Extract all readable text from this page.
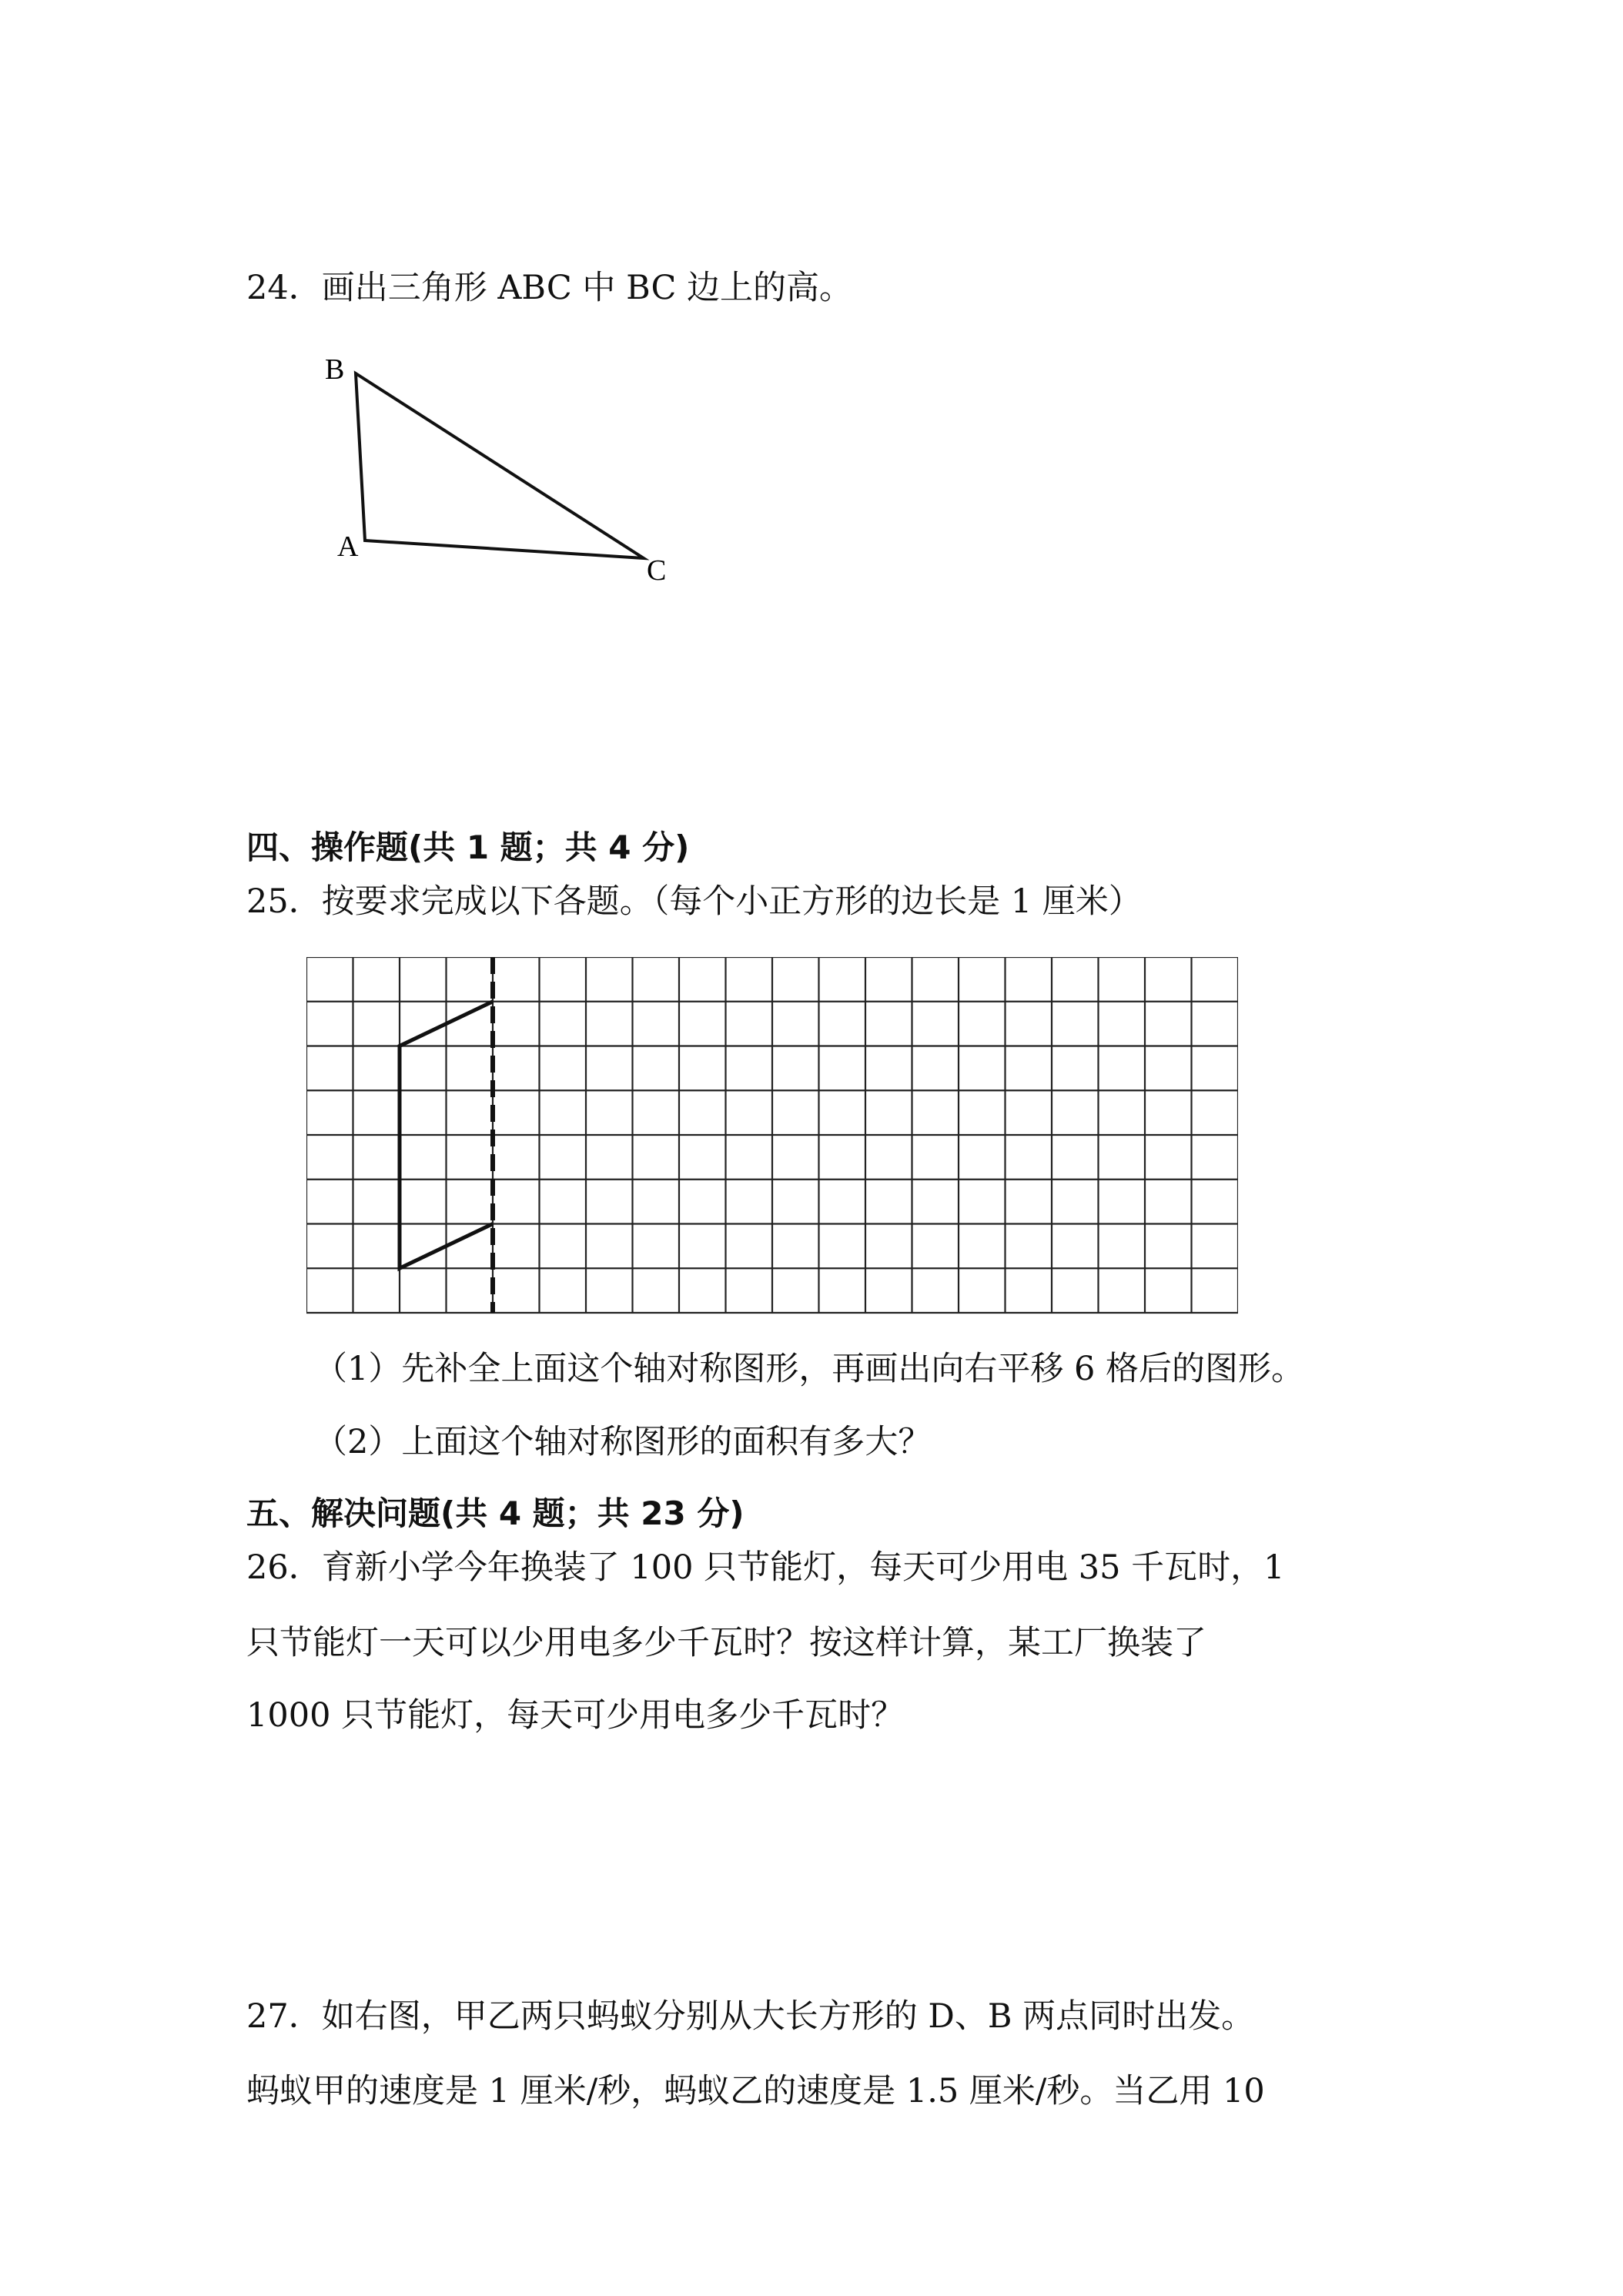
24．画出三角形 ABC 中 BC 边上的高。
B
A
C
四、操作题(共 1 题；共 4 分)
25．按要求完成以下各题。（每个小正方形的边长是 1 厘米）
（1）先补全上面这个轴对称图形，再画出向右平移 6 格后的图形。
（2）上面这个轴对称图形的面积有多大？
五、解决问题(共 4 题；共 23 分)
26．育新小学今年换装了 100 只节能灯，每天可少用电 35 千瓦时，1
只节能灯一天可以少用电多少千瓦时？按这样计算，某工厂换装了
1000 只节能灯，每天可少用电多少千瓦时？
27．如右图，甲乙两只蚂蚁分别从大长方形的 D、B 两点同时出发。
蚂蚁甲的速度是 1 厘米/秒，蚂蚁乙的速度是 1.5 厘米/秒。当乙用 10
